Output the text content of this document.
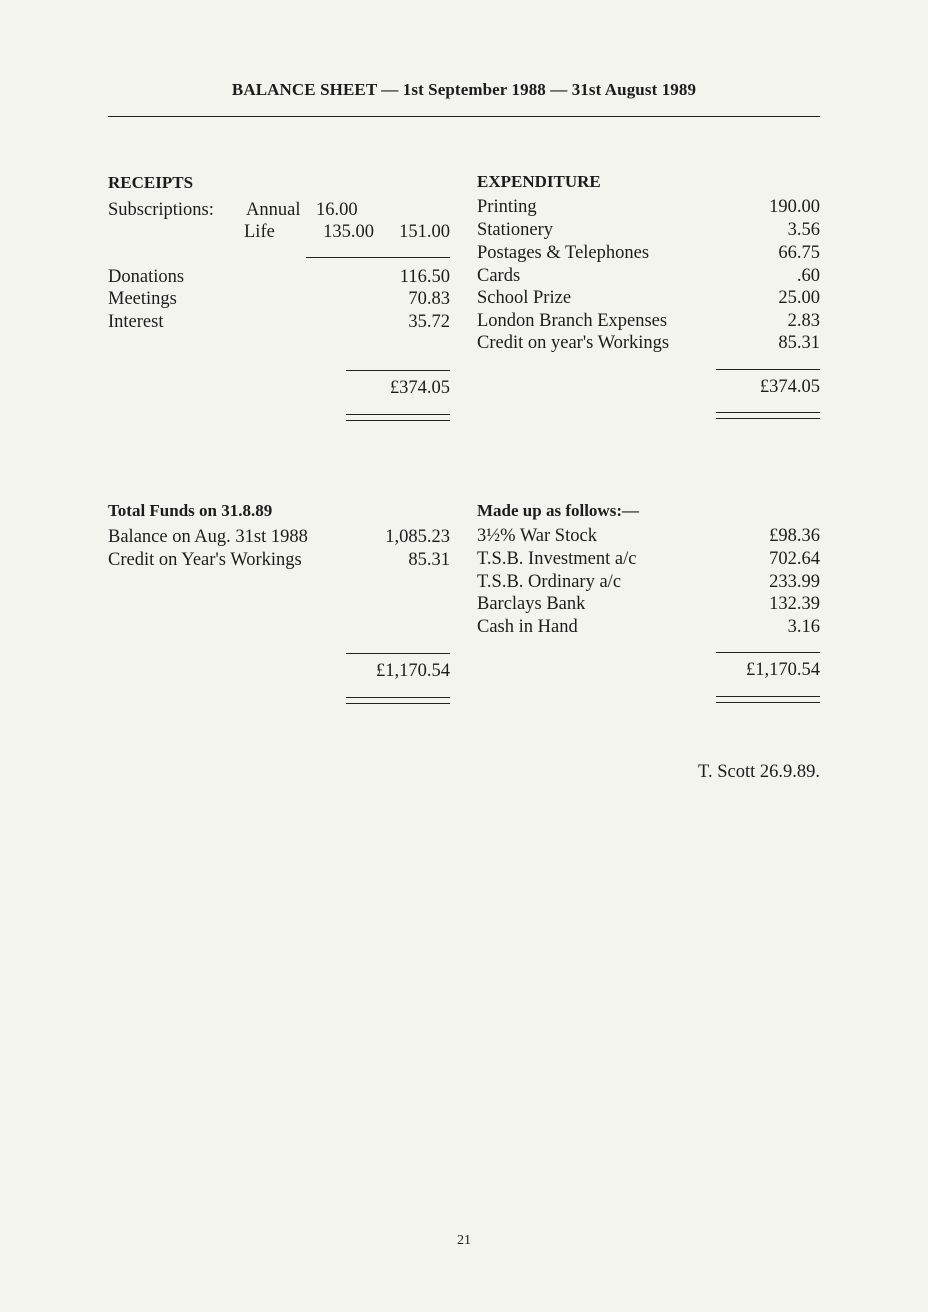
BALANCE SHEET — 1st September 1988 — 31st August 1989
RECEIPTS
Subscriptions: Annual 16.00
Life	135.00	151.00
Donations	116.50
Meetings	70.83
Interest	35.72
£374.05
EXPENDITURE
Printing	190.00
Stationery	3.56
Postages & Telephones	66.75
Cards	.60
School Prize	25.00
London Branch Expenses	2.83
Credit on year's Workings	85.31
£374.05
Total Funds on 31.8.89
Balance on Aug. 31st 1988	1,085.23
Credit on Year's Workings	85.31
£1,170.54
Made up as follows:—
3½% War Stock	£98.36
T.S.B. Investment a/c	702.64
T.S.B. Ordinary a/c	233.99
Barclays Bank	132.39
Cash in Hand	3.16
£1,170.54
T. Scott 26.9.89.
21
